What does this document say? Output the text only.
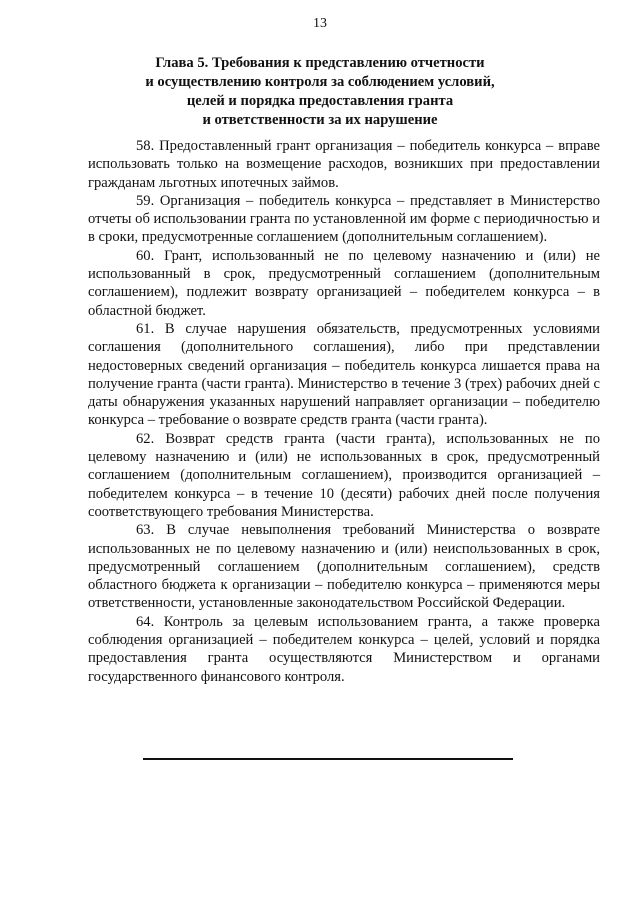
13
Глава 5. Требования к представлению отчетности
и осуществлению контроля за соблюдением условий,
целей и порядка предоставления гранта
и ответственности за их нарушение

58. Предоставленный грант организация – победитель конкурса – вправе использовать только на возмещение расходов, возникших при предоставлении гражданам льготных ипотечных займов.

59. Организация – победитель конкурса – представляет в Министерство отчеты об использовании гранта по установленной им форме с периодичностью и в сроки, предусмотренные соглашением (дополнительным соглашением).

60. Грант, использованный не по целевому назначению и (или) не использованный в срок, предусмотренный соглашением (дополнительным соглашением), подлежит возврату организацией – победителем конкурса – в областной бюджет.

61. В случае нарушения обязательств, предусмотренных условиями соглашения (дополнительного соглашения), либо при представлении недостоверных сведений организация – победитель конкурса лишается права на получение гранта (части гранта). Министерство в течение 3 (трех) рабочих дней с даты обнаружения указанных нарушений направляет организации – победителю конкурса – требование о возврате средств гранта (части гранта).

62. Возврат средств гранта (части гранта), использованных не по целевому назначению и (или) не использованных в срок, предусмотренный соглашением (дополнительным соглашением), производится организацией – победителем конкурса – в течение 10 (десяти) рабочих дней после получения соответствующего требования Министерства.

63. В случае невыполнения требований Министерства о возврате использованных не по целевому назначению и (или) неиспользованных в срок, предусмотренный соглашением (дополнительным соглашением), средств областного бюджета к организации – победителю конкурса – применяются меры ответственности, установленные законодательством Российской Федерации.

64. Контроль за целевым использованием гранта, а также проверка соблюдения организацией – победителем конкурса – целей, условий и порядка предоставления гранта осуществляются Министерством и органами государственного финансового контроля.
